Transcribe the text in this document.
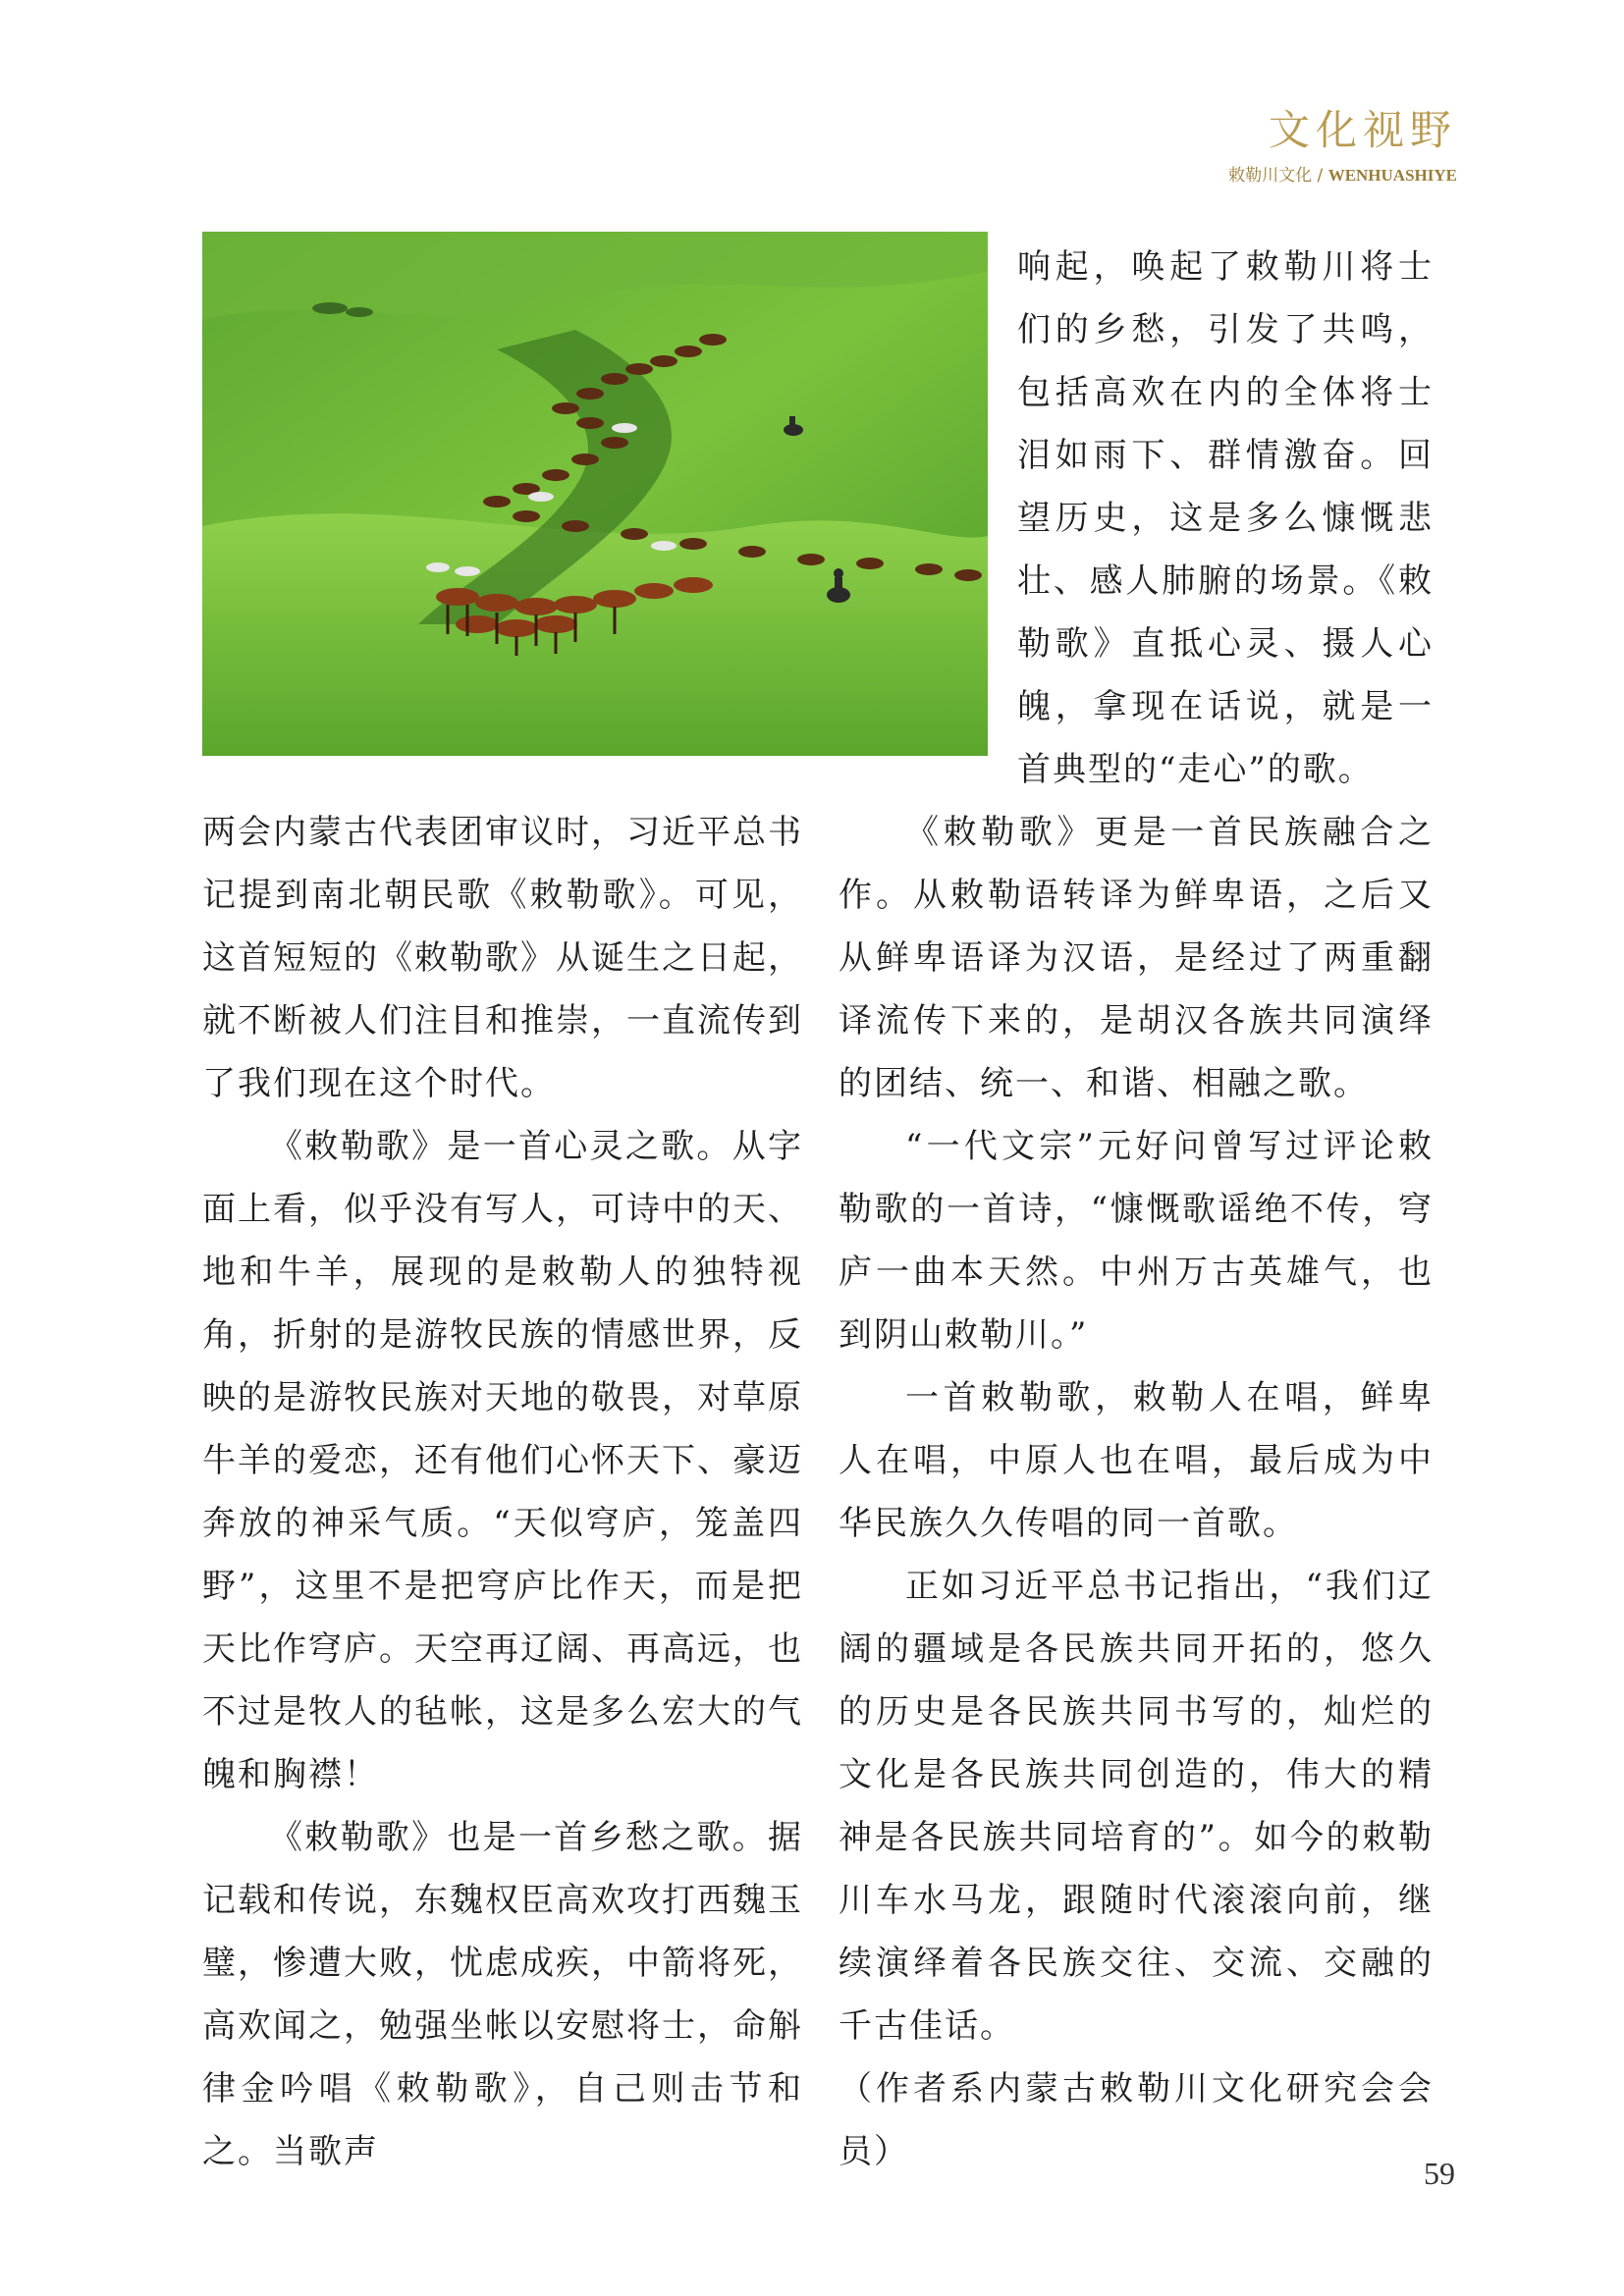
文化视野
敕勒川文化 / WENHUASHIYE

响起，唤起了敕勒川将士们的乡愁，引发了共鸣，包括高欢在内的全体将士泪如雨下、群情激奋。回望历史，这是多么慷慨悲壮、感人肺腑的场景。《敕勒歌》直抵心灵、摄人心魄，拿现在话说，就是一首典型的“走心”的歌。

两会内蒙古代表团审议时，习近平总书记提到南北朝民歌《敕勒歌》。可见，这首短短的《敕勒歌》从诞生之日起，就不断被人们注目和推崇，一直流传到了我们现在这个时代。

《敕勒歌》是一首心灵之歌。从字面上看，似乎没有写人，可诗中的天、地和牛羊，展现的是敕勒人的独特视角，折射的是游牧民族的情感世界，反映的是游牧民族对天地的敬畏，对草原牛羊的爱恋，还有他们心怀天下、豪迈奔放的神采气质。“天似穹庐，笼盖四野”，这里不是把穹庐比作天，而是把天比作穹庐。天空再辽阔、再高远，也不过是牧人的毡帐，这是多么宏大的气魄和胸襟！

《敕勒歌》也是一首乡愁之歌。据记载和传说，东魏权臣高欢攻打西魏玉璧，惨遭大败，忧虑成疾，中箭将死，高欢闻之，勉强坐帐以安慰将士，命斛律金吟唱《敕勒歌》，自己则击节和之。当歌声

《敕勒歌》更是一首民族融合之作。从敕勒语转译为鲜卑语，之后又从鲜卑语译为汉语，是经过了两重翻译流传下来的，是胡汉各族共同演绎的团结、统一、和谐、相融之歌。

“一代文宗”元好问曾写过评论敕勒歌的一首诗，“慷慨歌谣绝不传，穹庐一曲本天然。中州万古英雄气，也到阴山敕勒川。”

一首敕勒歌，敕勒人在唱，鲜卑人在唱，中原人也在唱，最后成为中华民族久久传唱的同一首歌。

正如习近平总书记指出，“我们辽阔的疆域是各民族共同开拓的，悠久的历史是各民族共同书写的，灿烂的文化是各民族共同创造的，伟大的精神是各民族共同培育的”。如今的敕勒川车水马龙，跟随时代滚滚向前，继续演绎着各民族交往、交流、交融的千古佳话。

（作者系内蒙古敕勒川文化研究会会员）

59
